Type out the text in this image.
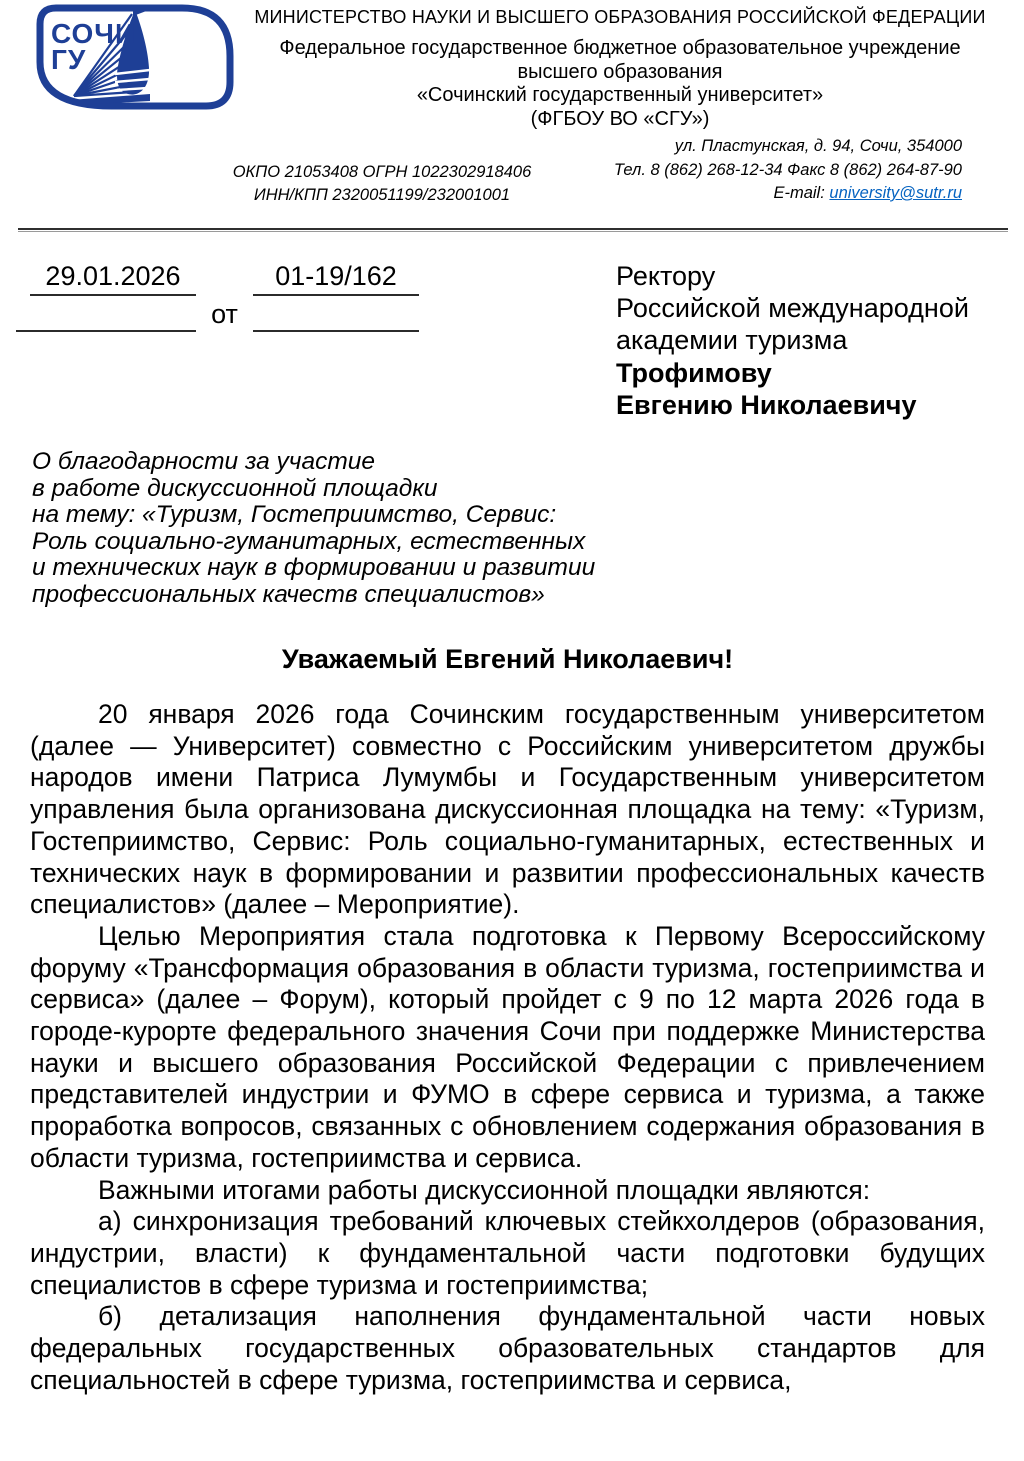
СОЧИ
ГУ
МИНИСТЕРСТВО НАУКИ И ВЫСШЕГО ОБРАЗОВАНИЯ РОССИЙСКОЙ ФЕДЕРАЦИИ
Федеральное государственное бюджетное образовательное учреждение
высшего образования
«Сочинский государственный университет»
(ФГБОУ ВО «СГУ»)
ул. Пластунская, д. 94, Сочи, 354000
ОКПО 21053408 ОГРН 1022302918406
ИНН/КПП 2320051199/232001001
Тел. 8 (862) 268-12-34 Факс 8 (862) 264-87-90
E-mail: university@sutr.ru
29.01.2026	01-19/162
от
Ректору
Российской международной
академии туризма
Трофимову
Евгению Николаевичу
О благодарности за участие
в работе дискуссионной площадки
на тему: «Туризм, Гостеприимство, Сервис:
Роль социально-гуманитарных, естественных
и технических наук в формировании и развитии
профессиональных качеств специалистов»
Уважаемый Евгений Николаевич!

20 января 2026 года Сочинским государственным университетом (далее — Университет) совместно с Российским университетом дружбы народов имени Патриса Лумумбы и Государственным университетом управления была организована дискуссионная площадка на тему: «Туризм, Гостеприимство, Сервис: Роль социально-гуманитарных, естественных и технических наук в формировании и развитии профессиональных качеств специалистов» (далее – Мероприятие).

Целью Мероприятия стала подготовка к Первому Всероссийскому форуму «Трансформация образования в области туризма, гостеприимства и сервиса» (далее – Форум), который пройдет с 9 по 12 марта 2026 года в городе-курорте федерального значения Сочи при поддержке Министерства науки и высшего образования Российской Федерации с привлечением представителей индустрии и ФУМО в сфере сервиса и туризма, а также проработка вопросов, связанных с обновлением содержания образования в области туризма, гостеприимства и сервиса.

Важными итогами работы дискуссионной площадки являются:

а) синхронизация требований ключевых стейкхолдеров (образования, индустрии, власти) к фундаментальной части подготовки будущих специалистов в сфере туризма и гостеприимства;

б) детализация наполнения фундаментальной части новых федеральных государственных образовательных стандартов для специальностей в сфере туризма, гостеприимства и сервиса,
